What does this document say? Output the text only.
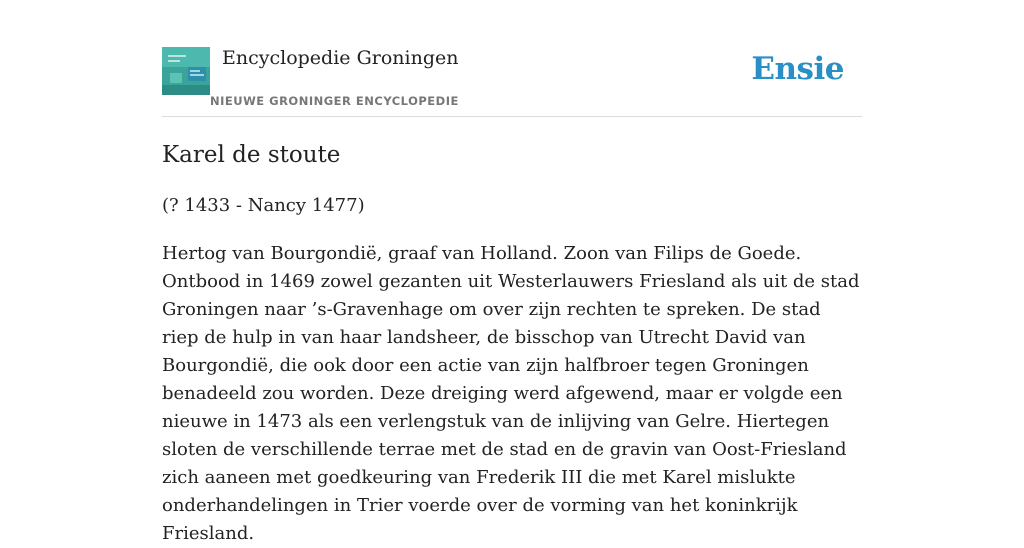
Encyclopedie Groningen
NIEUWE GRONINGER ENCYCLOPEDIE
Ensie
Karel de stoute

(? 1433 - Nancy 1477)

Hertog van Bourgondië, graaf van Holland. Zoon van Filips de Goede. Ontbood in 1469 zowel gezanten uit Westerlauwers Friesland als uit de stad Groningen naar ’s-Gravenhage om over zijn rechten te spreken. De stad riep de hulp in van haar landsheer, de bisschop van Utrecht David van Bourgondië, die ook door een actie van zijn halfbroer tegen Groningen benadeeld zou worden. Deze dreiging werd afgewend, maar er volgde een nieuwe in 1473 als een verlengstuk van de inlijving van Gelre. Hiertegen sloten de verschillende terrae met de stad en de gravin van Oost-Friesland zich aaneen met goedkeuring van Frederik III die met Karel mislukte onderhandelingen in Trier voerde over de vorming van het koninkrijk Friesland.
